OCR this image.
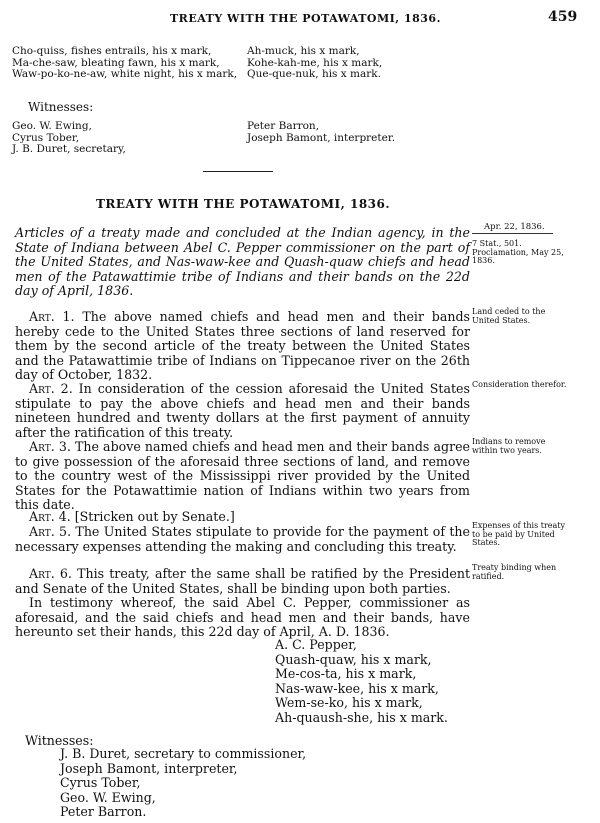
TREATY WITH THE POTAWATOMI, 1836.	459
Cho-quiss, fishes entrails, his x mark,
Ma-che-saw, bleating fawn, his x mark,
Waw-po-ko-ne-aw, white night, his x mark,
Ah-muck, his x mark,
Kohe-kah-me, his x mark,
Que-que-nuk, his x mark.
Witnesses:
Geo. W. Ewing,
Cyrus Tober,
J. B. Duret, secretary,
Peter Barron,
Joseph Bamont, interpreter.
TREATY WITH THE POTAWATOMI, 1836.
Apr. 22, 1836.
7 Stat., 501. Proclamation, May 25, 1836.
Articles of a treaty made and concluded at the Indian agency, in the State of Indiana between Abel C. Pepper commissioner on the part of the United States, and Nas-waw-kee and Quash-quaw chiefs and head men of the Patawattimie tribe of Indians and their bands on the 22d day of April, 1836.
Art. 1. The above named chiefs and head men and their bands hereby cede to the United States three sections of land reserved for them by the second article of the treaty between the United States and the Patawattimie tribe of Indians on Tippecanoe river on the 26th day of October, 1832.
Land ceded to the United States.
Art. 2. In consideration of the cession aforesaid the United States stipulate to pay the above chiefs and head men and their bands nineteen hundred and twenty dollars at the first payment of annuity after the ratification of this treaty.
Consideration therefor.
Art. 3. The above named chiefs and head men and their bands agree to give possession of the aforesaid three sections of land, and remove to the country west of the Mississippi river provided by the United States for the Potawattimie nation of Indians within two years from this date.
Indians to remove within two years.
Art. 4. [Stricken out by Senate.]
Art. 5. The United States stipulate to provide for the payment of the necessary expenses attending the making and concluding this treaty.
Expenses of this treaty to be paid by United States.
Art. 6. This treaty, after the same shall be ratified by the President and Senate of the United States, shall be binding upon both parties.
Treaty binding when ratified.
In testimony whereof, the said Abel C. Pepper, commissioner as aforesaid, and the said chiefs and head men and their bands, have hereunto set their hands, this 22d day of April, A. D. 1836.
A. C. Pepper,
Quash-quaw, his x mark,
Me-cos-ta, his x mark,
Nas-waw-kee, his x mark,
Wem-se-ko, his x mark,
Ah-quaush-she, his x mark.
Witnesses:
J. B. Duret, secretary to commissioner,
Joseph Bamont, interpreter,
Cyrus Tober,
Geo. W. Ewing,
Peter Barron.
